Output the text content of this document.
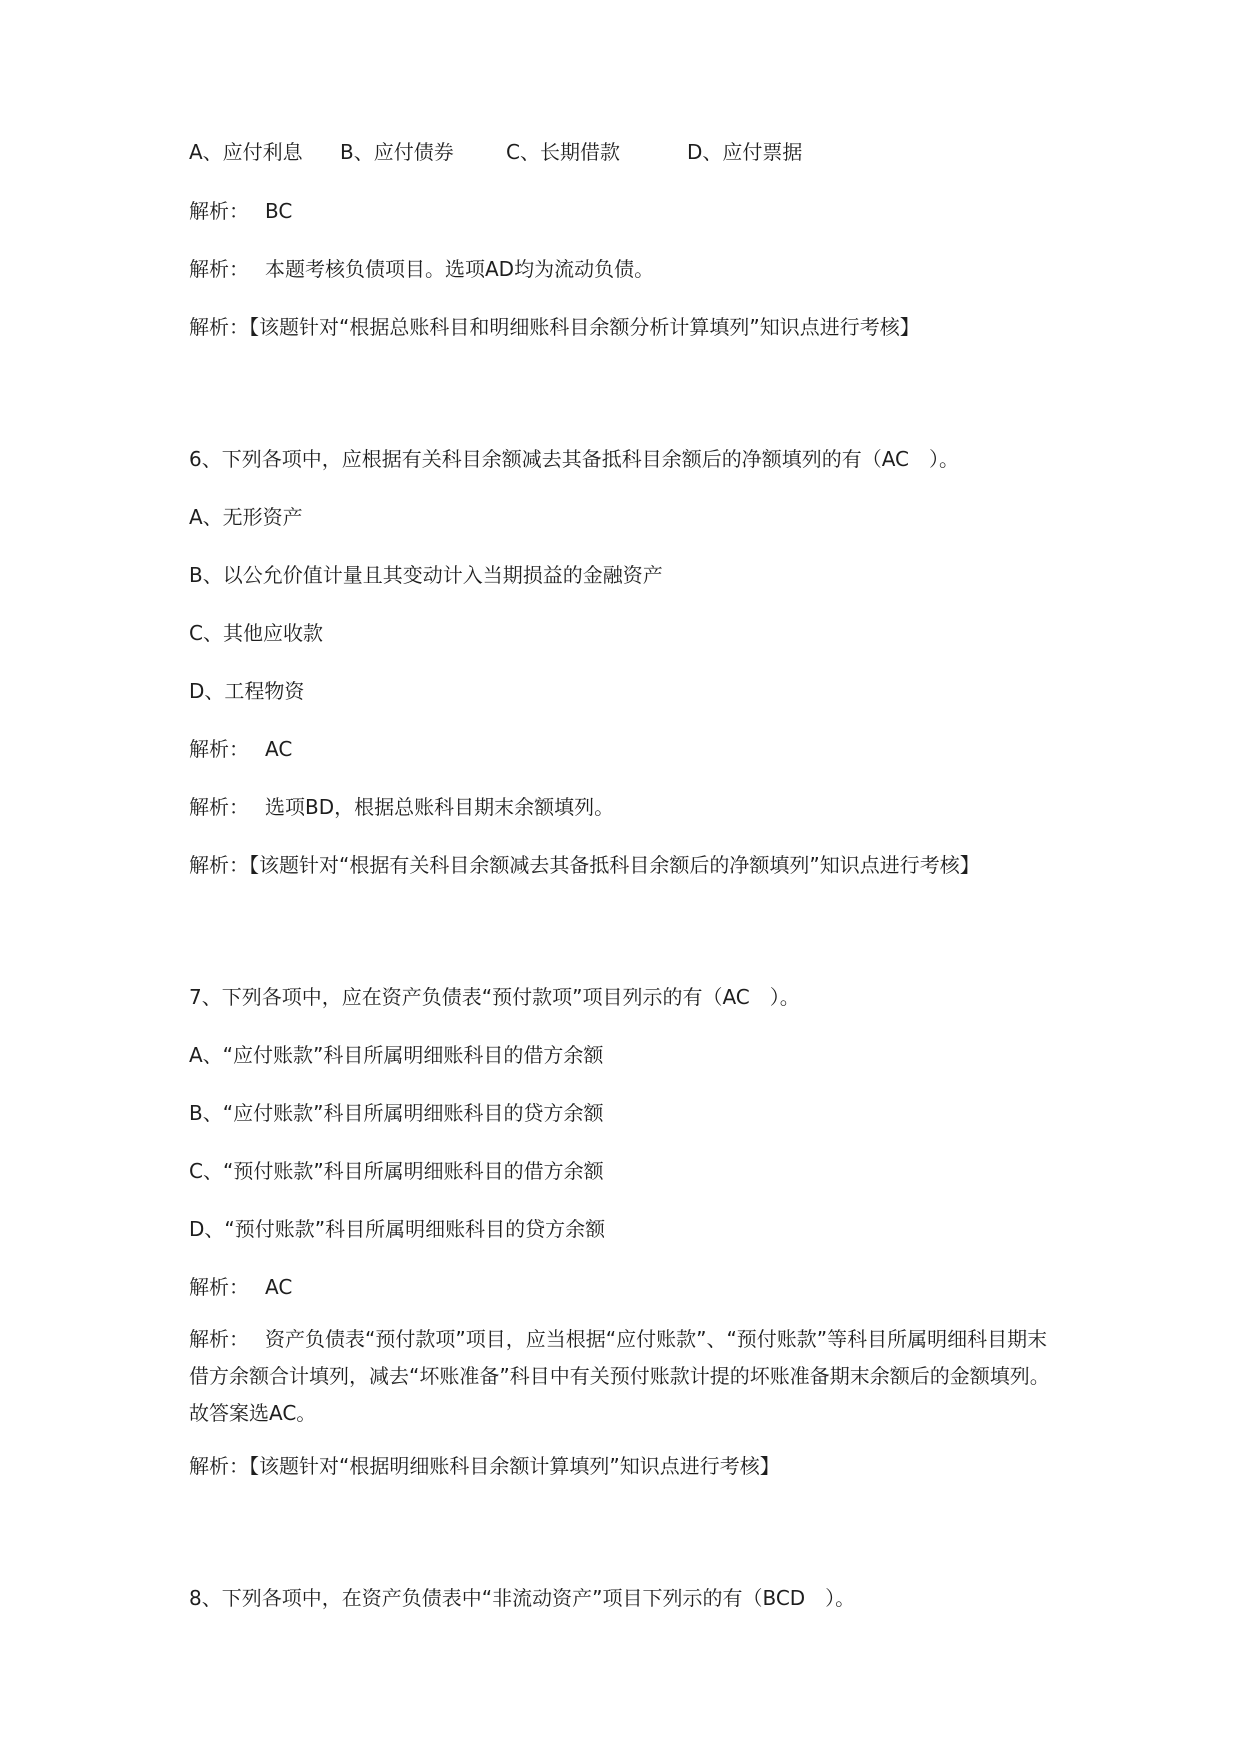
A、应付利息 B、应付债券	C、长期借款	D、应付票据

解析： BC

解析： 本题考核负债项目。选项AD均为流动负债。

解析：【该题针对“根据总账科目和明细账科目余额分析计算填列”知识点进行考核】

6、下列各项中，应根据有关科目余额减去其备抵科目余额后的净额填列的有（AC　）。

A、无形资产

B、以公允价值计量且其变动计入当期损益的金融资产

C、其他应收款

D、工程物资

解析： AC

解析： 选项BD，根据总账科目期末余额填列。

解析：【该题针对“根据有关科目余额减去其备抵科目余额后的净额填列”知识点进行考核】

7、下列各项中，应在资产负债表“预付款项”项目列示的有（AC　）。

A、“应付账款”科目所属明细账科目的借方余额

B、“应付账款”科目所属明细账科目的贷方余额

C、“预付账款”科目所属明细账科目的借方余额

D、“预付账款”科目所属明细账科目的贷方余额

解析： AC

解析： 资产负债表“预付款项”项目，应当根据“应付账款”、“预付账款”等科目所属明细科目期末借方余额合计填列，减去“坏账准备”科目中有关预付账款计提的坏账准备期末余额后的金额填列。故答案选AC。

解析：【该题针对“根据明细账科目余额计算填列”知识点进行考核】

8、下列各项中，在资产负债表中“非流动资产”项目下列示的有（BCD　）。
